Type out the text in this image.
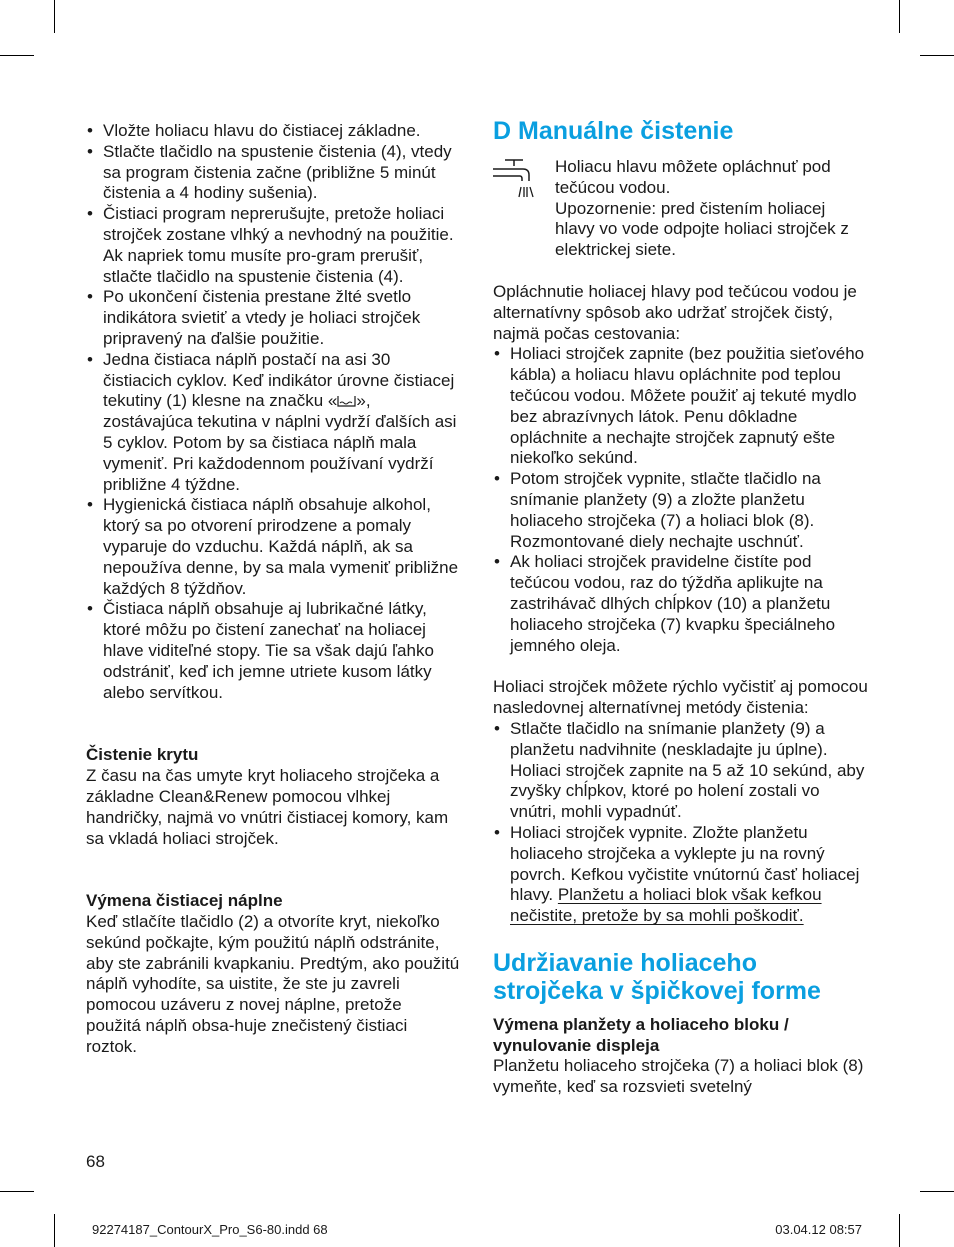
• Vložte holiacu hlavu do čistiacej základne.
• Stlačte tlačidlo na spustenie čistenia (4), vtedy sa program čistenia začne (približne 5 minút čistenia a 4 hodiny sušenia).
• Čistiaci program neprerušujte, pretože holiaci strojček zostane vlhký a nevhodný na použitie. Ak napriek tomu musíte pro-gram prerušiť, stlačte tlačidlo na spustenie čistenia (4).
• Po ukončení čistenia prestane žlté svetlo indikátora svietiť a vtedy je holiaci strojček pripravený na ďalšie použitie.
• Jedna čistiaca náplň postačí na asi 30 čistiacich cyklov. Keď indikátor úrovne čistiacej tekutiny (1) klesne na značku « », zostávajúca tekutina v náplni vydrží ďalších asi 5 cyklov. Potom by sa čistiaca náplň mala vymeniť. Pri každodennom používaní vydrží približne 4 týždne.
• Hygienická čistiaca náplň obsahuje alkohol, ktorý sa po otvorení prirodzene a pomaly vyparuje do vzduchu. Každá náplň, ak sa nepoužíva denne, by sa mala vymeniť približne každých 8 týždňov.
• Čistiaca náplň obsahuje aj lubrikačné látky, ktoré môžu po čistení zanechať na holiacej hlave viditeľné stopy. Tie sa však dajú ľahko odstrániť, keď ich jemne utriete kusom látky alebo servítkou.

Čistenie krytu

Z času na čas umyte kryt holiaceho strojčeka a základne Clean&Renew pomocou vlhkej handričky, najmä vo vnútri čistiacej komory, kam sa vkladá holiaci strojček.

Výmena čistiacej náplne

Keď stlačíte tlačidlo (2) a otvoríte kryt, niekoľko sekúnd počkajte, kým použitú náplň odstránite, aby ste zabránili kvapkaniu. Predtým, ako použitú náplň vyhodíte, sa uistite, že ste ju zavreli pomocou uzáveru z novej náplne, pretože použitá náplň obsa-huje znečistený čistiaci roztok.

D Manuálne čistenie

Holiacu hlavu môžete opláchnuť pod tečúcou vodou.

Upozornenie: pred čistením holiacej hlavy vo vode odpojte holiaci strojček z elektrickej siete.

Opláchnutie holiacej hlavy pod tečúcou vodou je alternatívny spôsob ako udržať strojček čistý, najmä počas cestovania:

• Holiaci strojček zapnite (bez použitia sieťového kábla) a holiacu hlavu opláchnite pod teplou tečúcou vodou. Môžete použiť aj tekuté mydlo bez abrazívnych látok. Penu dôkladne opláchnite a nechajte strojček zapnutý ešte niekoľko sekúnd.
• Potom strojček vypnite, stlačte tlačidlo na snímanie planžety (9) a zložte planžetu holiaceho strojčeka (7) a holiaci blok (8). Rozmontované diely nechajte uschnúť.
• Ak holiaci strojček pravidelne čistíte pod tečúcou vodou, raz do týždňa aplikujte na zastrihávač dlhých chĺpkov (10) a planžetu holiaceho strojčeka (7) kvapku špeciálneho jemného oleja.

Holiaci strojček môžete rýchlo vyčistiť aj pomocou nasledovnej alternatívnej metódy čistenia:

• Stlačte tlačidlo na snímanie planžety (9) a planžetu nadvihnite (neskladajte ju úplne). Holiaci strojček zapnite na 5 až 10 sekúnd, aby zvyšky chĺpkov, ktoré po holení zostali vo vnútri, mohli vypadnúť.
• Holiaci strojček vypnite. Zložte planžetu holiaceho strojčeka a vyklepte ju na rovný povrch. Kefkou vyčistite vnútornú časť holiacej hlavy. Planžetu a holiaci blok však kefkou nečistite, pretože by sa mohli poškodiť.
Udržiavanie holiaceho strojčeka v špičkovej forme

Výmena planžety a holiaceho bloku / vynulovanie displeja

Planžetu holiaceho strojčeka (7) a holiaci blok (8) vymeňte, keď sa rozsvieti svetelný

68
92274187_ContourX_Pro_S6-80.indd 68	03.04.12 08:57
